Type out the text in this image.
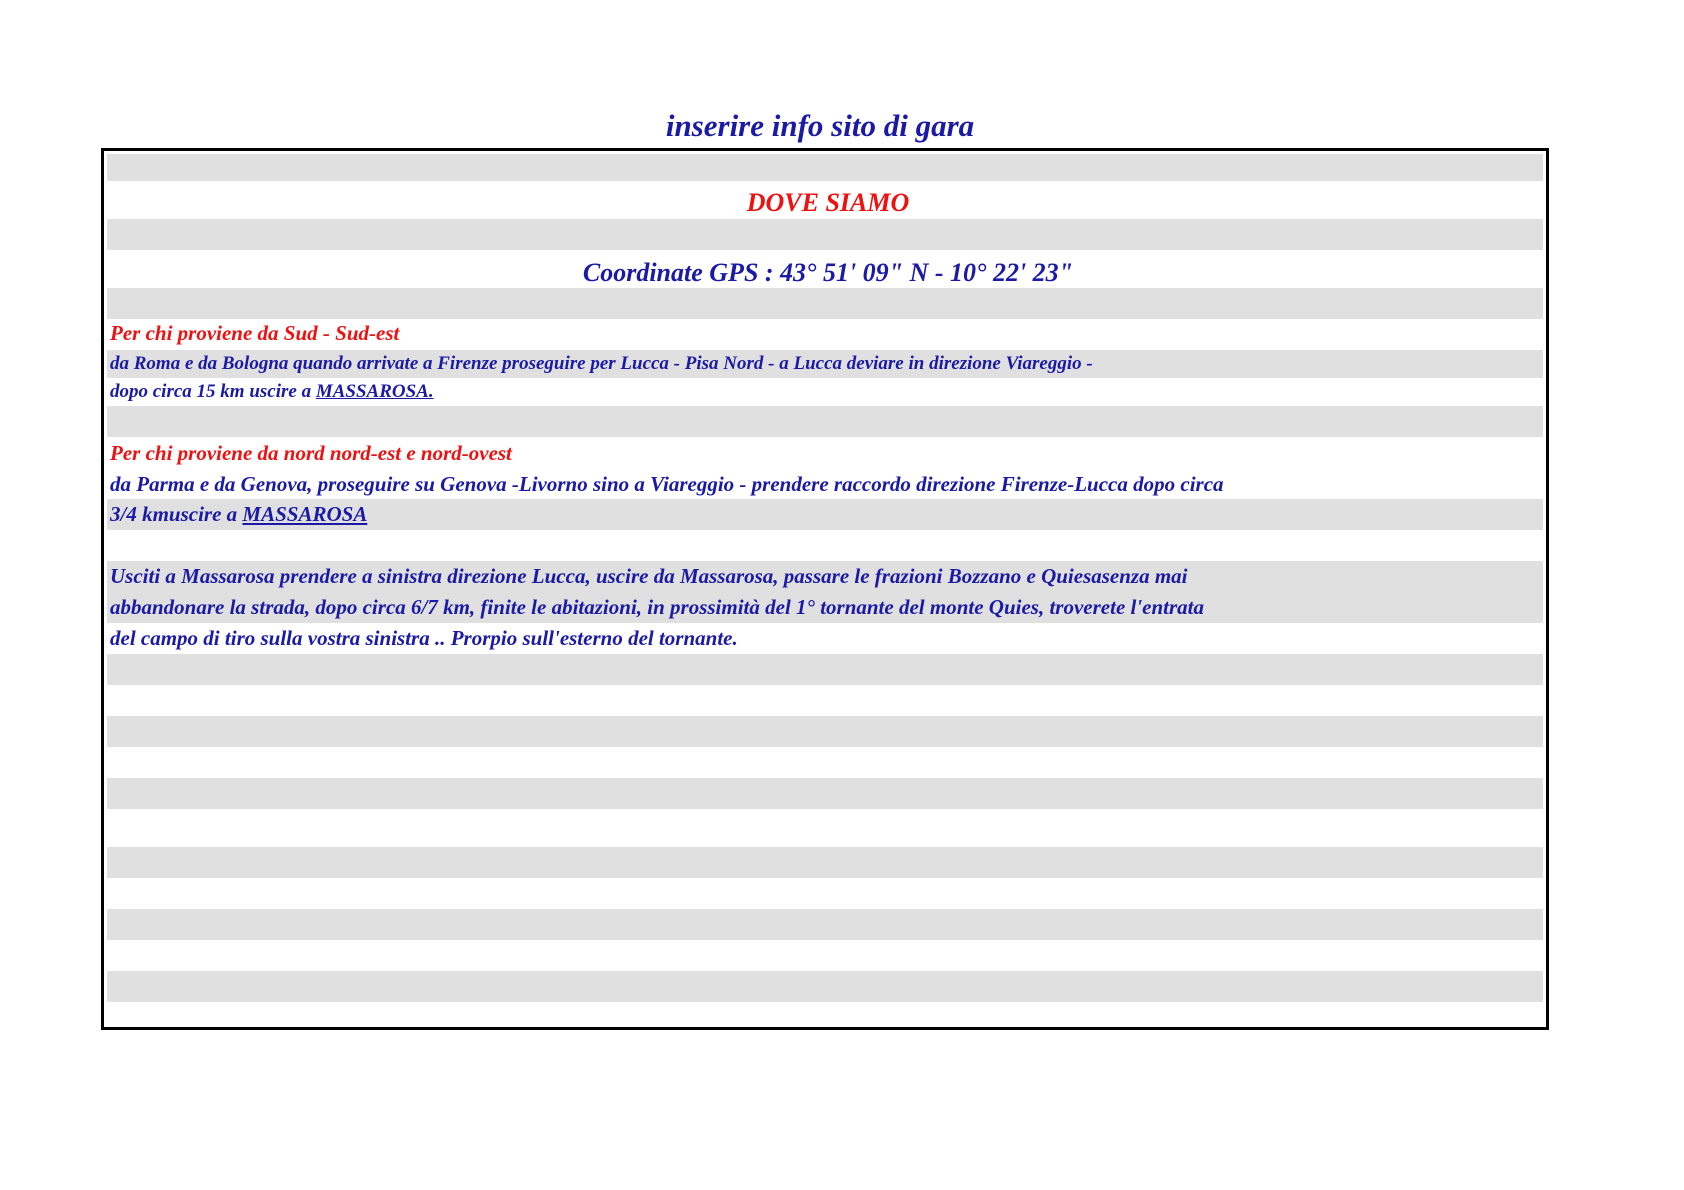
inserire info sito di gara
DOVE SIAMO
Coordinate GPS : 43° 51' 09" N - 10° 22' 23"
Per chi proviene da Sud - Sud-est
da Roma e da Bologna quando arrivate a Firenze proseguire per Lucca - Pisa Nord - a Lucca deviare in direzione Viareggio -
dopo circa 15 km uscire a MASSAROSA.
Per chi proviene da nord nord-est e nord-ovest
da Parma e da Genova, proseguire su Genova -Livorno sino a Viareggio - prendere raccordo direzione Firenze-Lucca dopo circa
3/4 kmuscire a MASSAROSA
Usciti a Massarosa prendere a sinistra direzione Lucca, uscire da Massarosa, passare le frazioni Bozzano e Quiesasenza mai
abbandonare la strada, dopo circa 6/7 km, finite le abitazioni, in prossimità del 1° tornante del monte Quies, troverete l'entrata
del campo di tiro sulla vostra sinistra .. Prorpio sull'esterno del tornante.
